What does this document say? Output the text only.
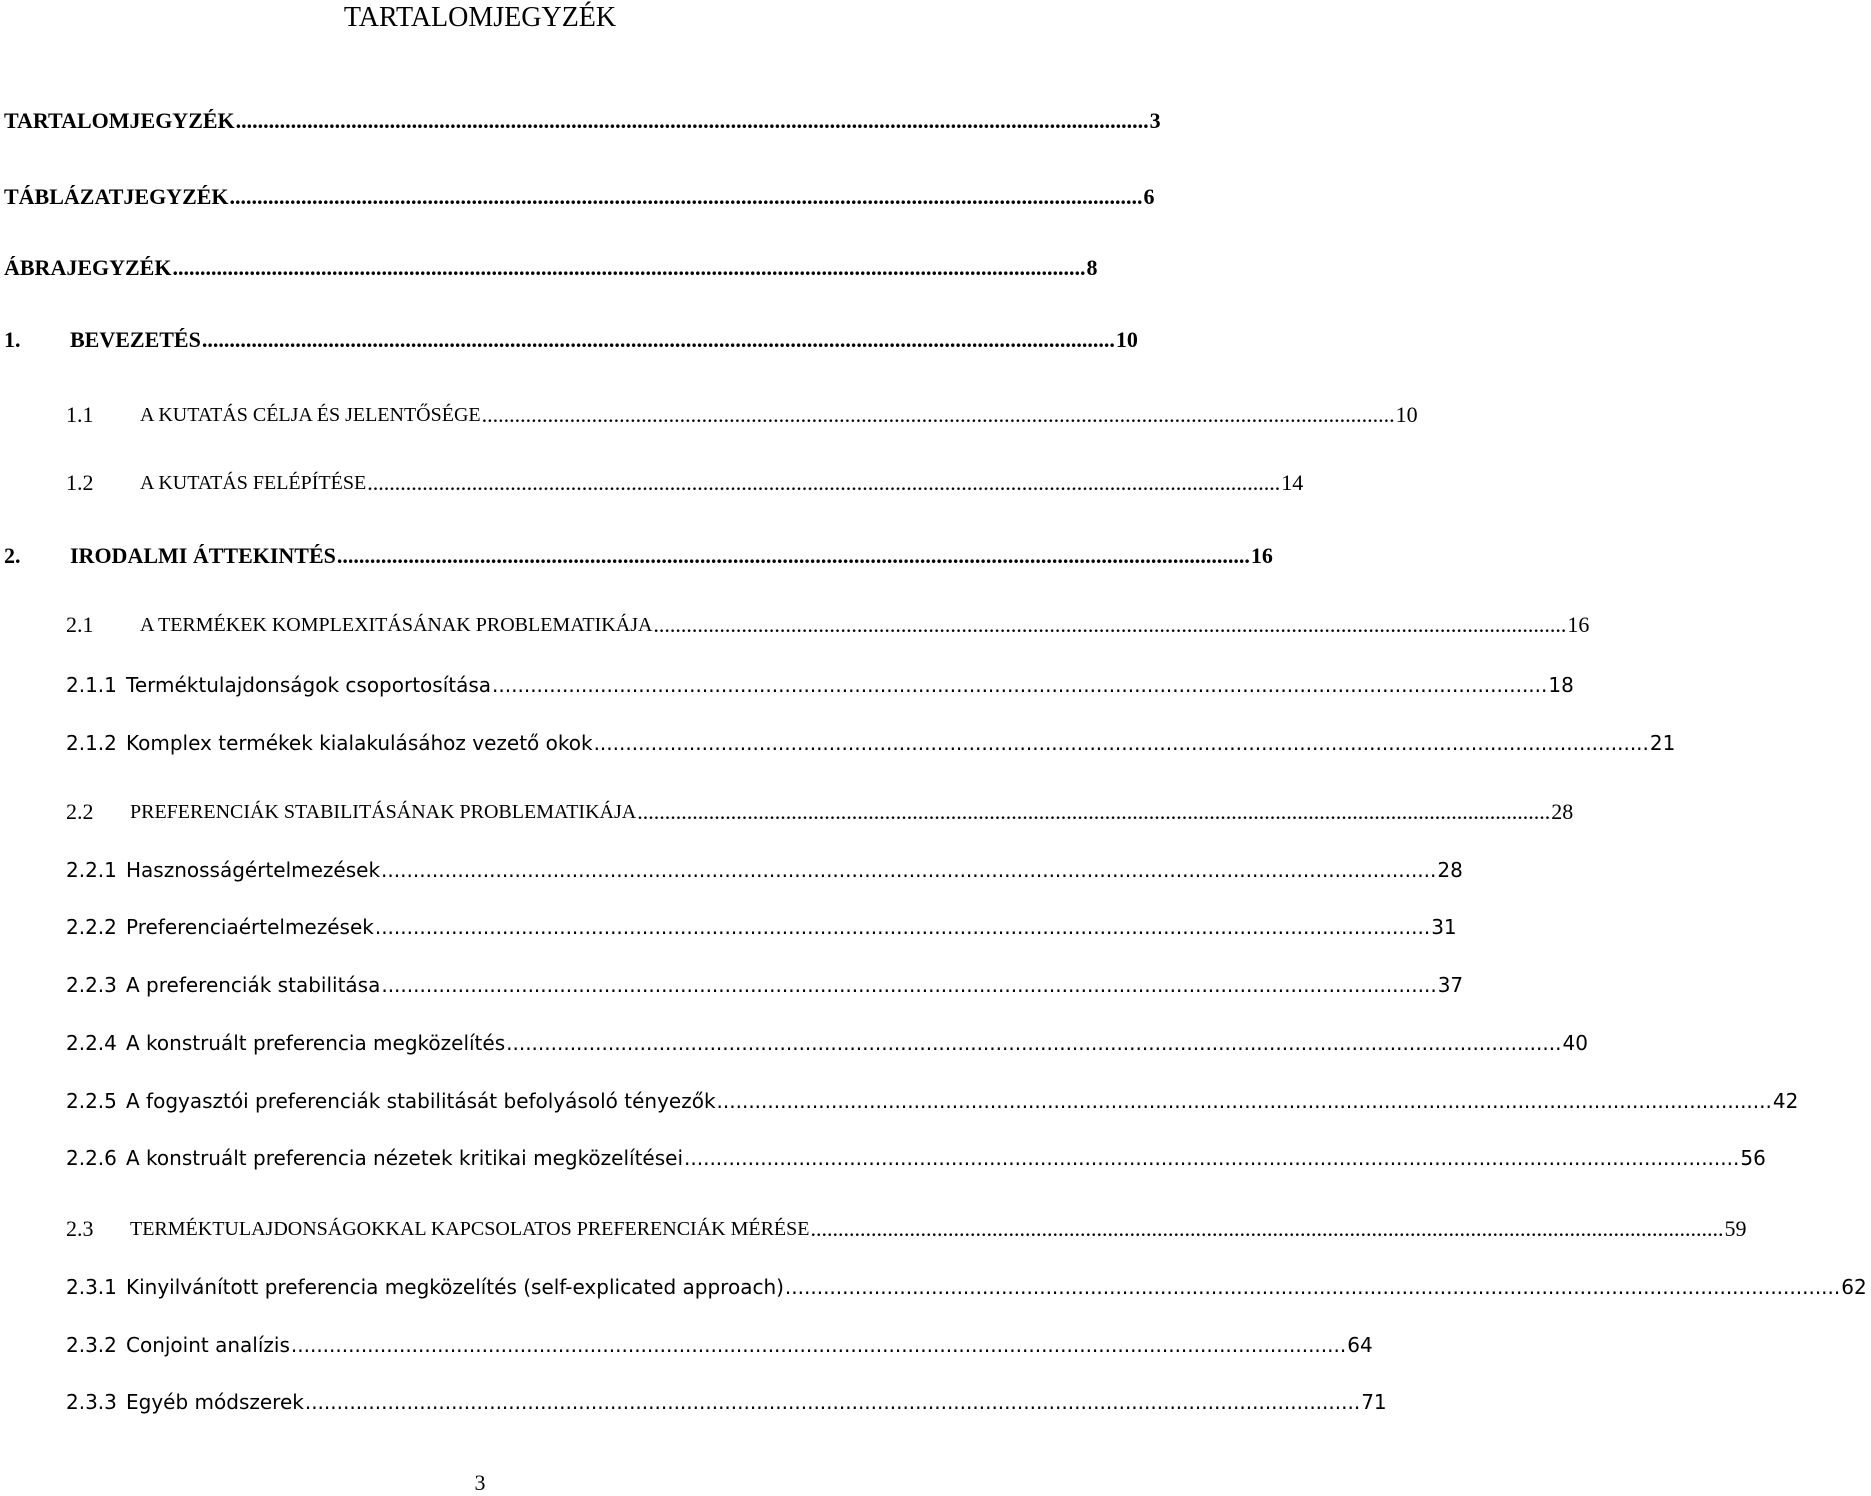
TARTALOMJEGYZÉK
TARTALOMJEGYZÉK ...................................................................................................................................................................... 3
TÁBLÁZATJEGYZÉK ...................................................................................................................................................................... 6
ÁBRAJEGYZÉK ...................................................................................................................................................................... 8
1.	BEVEZETÉS ...................................................................................................................................................................... 10
1.1	A KUTATÁS CÉLJA ÉS JELENTŐSÉGE ...................................................................................................................................................................... 10
1.2	A KUTATÁS FELÉPÍTÉSE ...................................................................................................................................................................... 14
2.	IRODALMI ÁTTEKINTÉS ...................................................................................................................................................................... 16
2.1	A TERMÉKEK KOMPLEXITÁSÁNAK PROBLEMATIKÁJA ...................................................................................................................................................................... 16
2.1.1 Terméktulajdonságok csoportosítása ...................................................................................................................................................................... 18
2.1.2 Komplex termékek kialakulásához vezető okok ...................................................................................................................................................................... 21
2.2	PREFERENCIÁK STABILITÁSÁNAK PROBLEMATIKÁJA ...................................................................................................................................................................... 28
2.2.1 Hasznosságértelmezések ...................................................................................................................................................................... 28
2.2.2 Preferenciaértelmezések ...................................................................................................................................................................... 31
2.2.3 A preferenciák stabilitása ...................................................................................................................................................................... 37
2.2.4 A konstruált preferencia megközelítés ...................................................................................................................................................................... 40
2.2.5 A fogyasztói preferenciák stabilitását befolyásoló tényezők ...................................................................................................................................................................... 42
2.2.6 A konstruált preferencia nézetek kritikai megközelítései ...................................................................................................................................................................... 56
2.3	TERMÉKTULAJDONSÁGOKKAL KAPCSOLATOS PREFERENCIÁK MÉRÉSE ...................................................................................................................................................................... 59
2.3.1 Kinyilvánított preferencia megközelítés (self-explicated approach) ...................................................................................................................................................................... 62
2.3.2 Conjoint analízis ...................................................................................................................................................................... 64
2.3.3 Egyéb módszerek ...................................................................................................................................................................... 71
3
